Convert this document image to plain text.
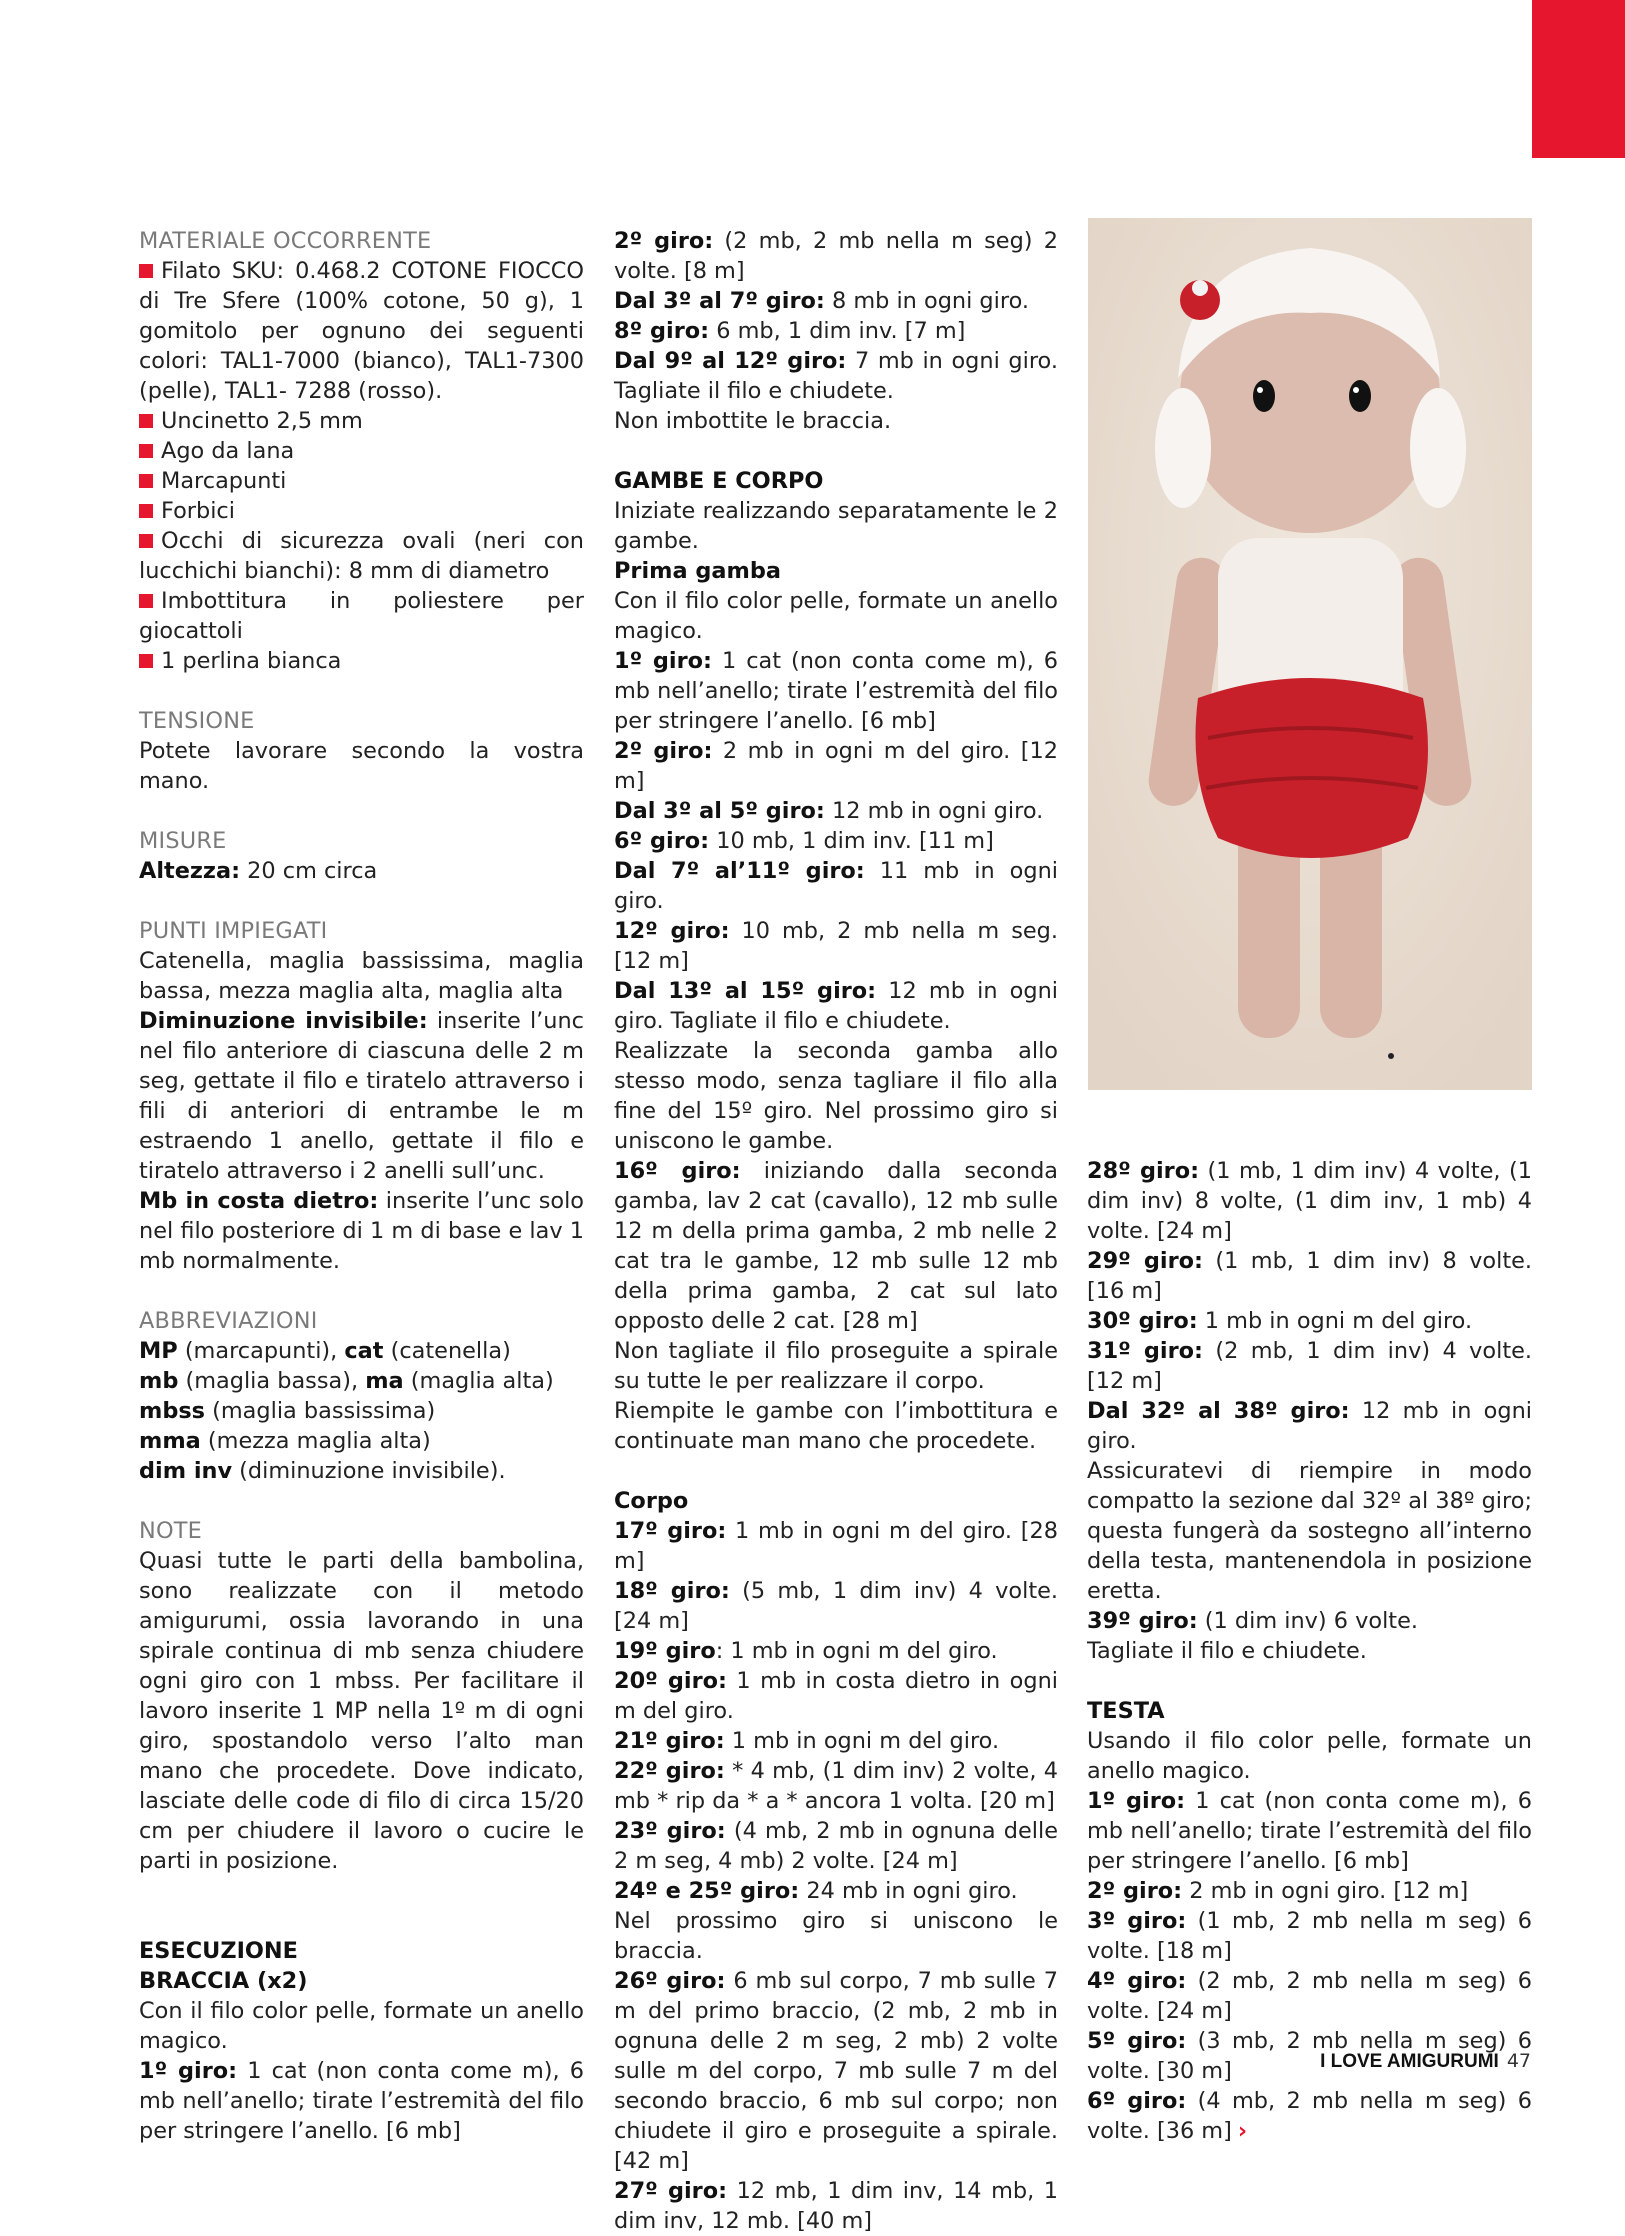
MATERIALE OCCORRENTE

Filato SKU: 0.468.2 COTONE FIOCCO di Tre Sfere (100% cotone, 50 g), 1 gomitolo per ognuno dei seguenti colori: TAL1-7000 (bianco), TAL1-7300 (pelle), TAL1- 7288 (rosso).

Uncinetto 2,5 mm

Ago da lana

Marcapunti

Forbici

Occhi di sicurezza ovali (neri con lucchichi bianchi): 8 mm di diametro

Imbottitura in poliestere per giocattoli

1 perlina bianca

TENSIONE

Potete lavorare secondo la vostra mano.

MISURE

Altezza: 20 cm circa

PUNTI IMPIEGATI

Catenella, maglia bassissima, maglia bassa, mezza maglia alta, maglia alta

Diminuzione invisibile: inserite l’unc nel filo anteriore di ciascuna delle 2 m seg, gettate il filo e tiratelo attraverso i fili di anteriori di entrambe le m estraendo 1 anello, gettate il filo e tiratelo attraverso i 2 anelli sull’unc.

Mb in costa dietro: inserite l’unc solo nel filo posteriore di 1 m di base e lav 1 mb normalmente.

ABBREVIAZIONI

MP (marcapunti), cat (catenella)

mb (maglia bassa), ma (maglia alta)

mbss (maglia bassissima)

mma (mezza maglia alta)

dim inv (diminuzione invisibile).

NOTE

Quasi tutte le parti della bambolina, sono realizzate con il metodo amigurumi, ossia lavorando in una spirale continua di mb senza chiudere ogni giro con 1 mbss. Per facilitare il lavoro inserite 1 MP nella 1º m di ogni giro, spostandolo verso l’alto man mano che procedete. Dove indicato, lasciate delle code di filo di circa 15/20 cm per chiudere il lavoro o cucire le parti in posizione.

ESECUZIONE

BRACCIA (x2)

Con il filo color pelle, formate un anello magico.

1º giro: 1 cat (non conta come m), 6 mb nell’anello; tirate l’estremità del filo per stringere l’anello. [6 mb]

2º giro: (2 mb, 2 mb nella m seg) 2 volte. [8 m]

Dal 3º al 7º giro: 8 mb in ogni giro.

8º giro: 6 mb, 1 dim inv. [7 m]

Dal 9º al 12º giro: 7 mb in ogni giro. Tagliate il filo e chiudete.

Non imbottite le braccia.

GAMBE E CORPO

Iniziate realizzando separatamente le 2 gambe.

Prima gamba

Con il filo color pelle, formate un anello magico.

1º giro: 1 cat (non conta come m), 6 mb nell’anello; tirate l’estremità del filo per stringere l’anello. [6 mb]

2º giro: 2 mb in ogni m del giro. [12 m]

Dal 3º al 5º giro: 12 mb in ogni giro.

6º giro: 10 mb, 1 dim inv. [11 m]

Dal 7º al’11º giro: 11 mb in ogni giro.

12º giro: 10 mb, 2 mb nella m seg. [12 m]

Dal 13º al 15º giro: 12 mb in ogni giro. Tagliate il filo e chiudete.

Realizzate la seconda gamba allo stesso modo, senza tagliare il filo alla fine del 15º giro. Nel prossimo giro si uniscono le gambe.

16º giro: iniziando dalla seconda gamba, lav 2 cat (cavallo), 12 mb sulle 12 m della prima gamba, 2 mb nelle 2 cat tra le gambe, 12 mb sulle 12 mb della prima gamba, 2 cat sul lato opposto delle 2 cat. [28 m]

Non tagliate il filo proseguite a spirale su tutte le per realizzare il corpo.

Riempite le gambe con l’imbottitura e continuate man mano che procedete.

Corpo

17º giro: 1 mb in ogni m del giro. [28 m]

18º giro: (5 mb, 1 dim inv) 4 volte. [24 m]

19º giro: 1 mb in ogni m del giro.

20º giro: 1 mb in costa dietro in ogni m del giro.

21º giro: 1 mb in ogni m del giro.

22º giro: * 4 mb, (1 dim inv) 2 volte, 4 mb * rip da * a * ancora 1 volta. [20 m]

23º giro: (4 mb, 2 mb in ognuna delle 2 m seg, 4 mb) 2 volte. [24 m]

24º e 25º giro: 24 mb in ogni giro.

Nel prossimo giro si uniscono le braccia.

26º giro: 6 mb sul corpo, 7 mb sulle 7 m del primo braccio, (2 mb, 2 mb in ognuna delle 2 m seg, 2 mb) 2 volte sulle m del corpo, 7 mb sulle 7 m del secondo braccio, 6 mb sul corpo; non chiudete il giro e proseguite a spirale. [42 m]

27º giro: 12 mb, 1 dim inv, 14 mb, 1 dim inv, 12 mb. [40 m]

28º giro: (1 mb, 1 dim inv) 4 volte, (1 dim inv) 8 volte, (1 dim inv, 1 mb) 4 volte. [24 m]

29º giro: (1 mb, 1 dim inv) 8 volte. [16 m]

30º giro: 1 mb in ogni m del giro.

31º giro: (2 mb, 1 dim inv) 4 volte. [12 m]

Dal 32º al 38º giro: 12 mb in ogni giro.

Assicuratevi di riempire in modo compatto la sezione dal 32º al 38º giro; questa fungerà da sostegno all’interno della testa, mantenendola in posizione eretta.

39º giro: (1 dim inv) 6 volte.

Tagliate il filo e chiudete.

TESTA

Usando il filo color pelle, formate un anello magico.

1º giro: 1 cat (non conta come m), 6 mb nell’anello; tirate l’estremità del filo per stringere l’anello. [6 mb]

2º giro: 2 mb in ogni giro. [12 m]

3º giro: (1 mb, 2 mb nella m seg) 6 volte. [18 m]

4º giro: (2 mb, 2 mb nella m seg) 6 volte. [24 m]

5º giro: (3 mb, 2 mb nella m seg) 6 volte. [30 m]

6º giro: (4 mb, 2 mb nella m seg) 6 volte. [36 m] ›

I LOVE AMIGURUMI 47
